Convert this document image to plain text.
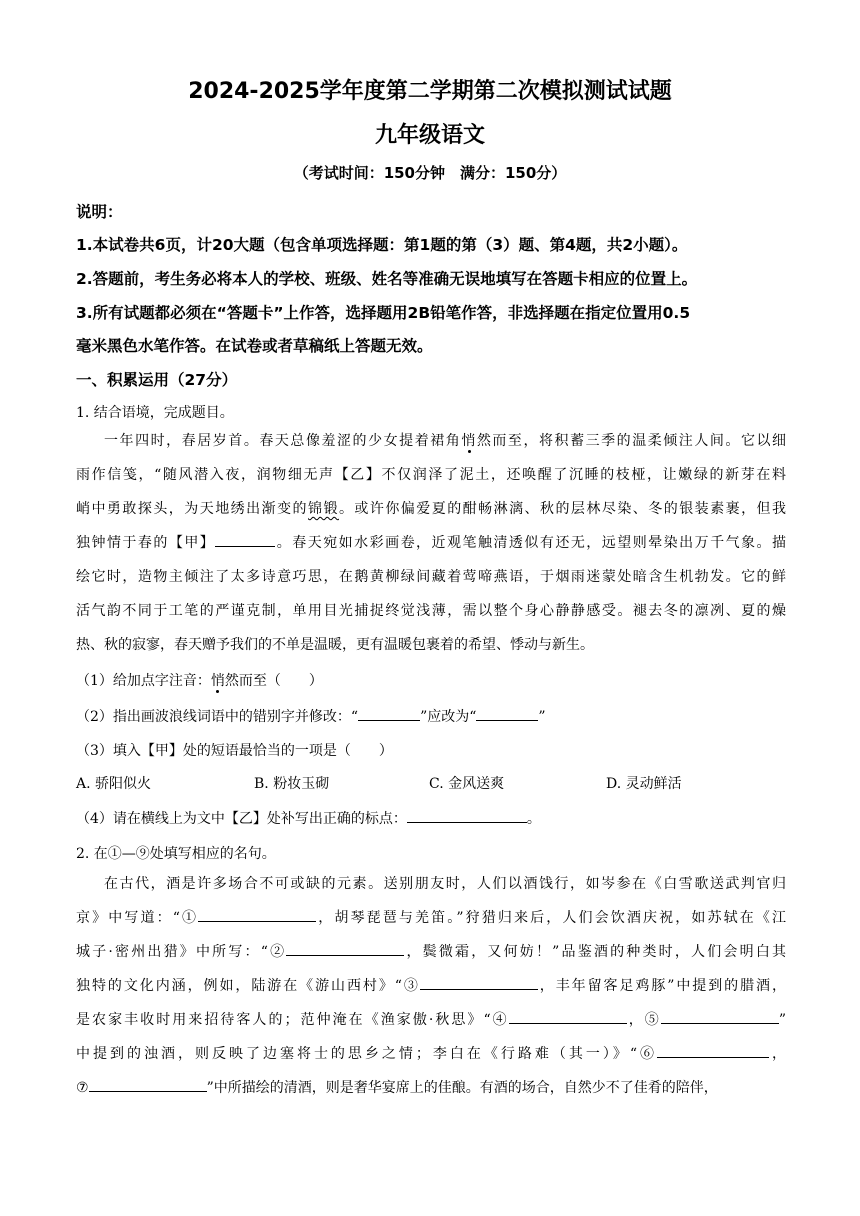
2024-2025学年度第二学期第二次模拟测试试题
九年级语文
（考试时间：150分钟　满分：150分）
说明：
1.本试卷共6页，计20大题（包含单项选择题：第1题的第（3）题、第4题，共2小题）。
2.答题前，考生务必将本人的学校、班级、姓名等准确无误地填写在答题卡相应的位置上。
3.所有试题都必须在“答题卡”上作答，选择题用2B铅笔作答，非选择题在指定位置用0.5
毫米黑色水笔作答。在试卷或者草稿纸上答题无效。
一、积累运用（27分）
1. 结合语境，完成题目。
一年四时，春居岁首。春天总像羞涩的少女提着裙角悄然而至，将积蓄三季的温柔倾注人间。它以细
雨作信笺，“随风潜入夜，润物细无声【乙】不仅润泽了泥土，还唤醒了沉睡的枝桠，让嫩绿的新芽在料
峭中勇敢探头，为天地绣出渐变的锦锻。或许你偏爱夏的酣畅淋漓、秋的层林尽染、冬的银装素裹，但我
独钟情于春的【甲】	。春天宛如水彩画卷，近观笔触清透似有还无，远望则晕染出万千气象。描
绘它时，造物主倾注了太多诗意巧思，在鹅黄柳绿间藏着莺啼燕语，于烟雨迷蒙处暗含生机勃发。它的鲜
活气韵不同于工笔的严谨克制，单用目光捕捉终觉浅薄，需以整个身心静静感受。褪去冬的凛冽、夏的燥
热、秋的寂寥，春天赠予我们的不单是温暖，更有温暖包裹着的希望、悸动与新生。
（1）给加点字注音：悄然而至（　　）
（2）指出画波浪线词语中的错别字并修改：“	”应改为“	”
（3）填入【甲】处的短语最恰当的一项是（　　）
A. 骄阳似火	B. 粉妆玉砌	C. 金风送爽	D. 灵动鲜活
（4）请在横线上为文中【乙】处补写出正确的标点：	。
2. 在①—⑨处填写相应的名句。
在古代，酒是许多场合不可或缺的元素。送别朋友时，人们以酒饯行，如岑参在《白雪歌送武判官归
京》中写道：“①	，胡琴琵琶与羌笛。”狩猎归来后，人们会饮酒庆祝，如苏轼在《江
城子·密州出猎》中所写：“②	，鬓微霜，又何妨！”品鉴酒的种类时，人们会明白其
独特的文化内涵，例如，陆游在《游山西村》“③	，丰年留客足鸡豚”中提到的腊酒，
是农家丰收时用来招待客人的；范仲淹在《渔家傲·秋思》“④	，⑤	”
中提到的浊酒，则反映了边塞将士的思乡之情；李白在《行路难（其一）》“⑥	，
⑦	”中所描绘的清酒，则是奢华宴席上的佳酿。有酒的场合，自然少不了佳肴的陪伴，
